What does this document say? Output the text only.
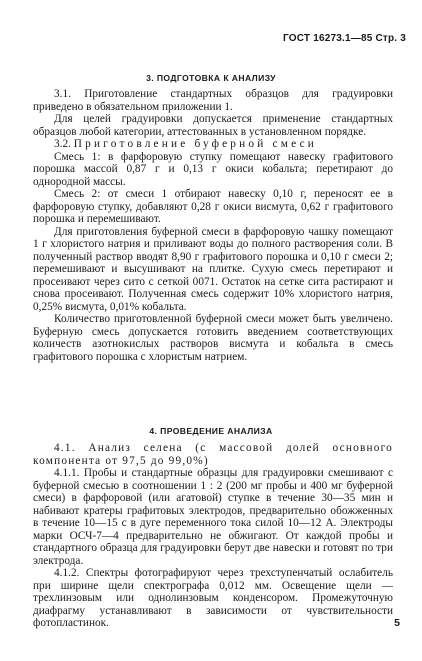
ГОСТ 16273.1—85 Стр. 3
3. ПОДГОТОВКА К АНАЛИЗУ

3.1. Приготовление стандартных образцов для градуировки приведено в обязательном приложении 1.

Для целей градуировки допускается применение стандартных образцов любой категории, аттестованных в установленном порядке.

3.2. Приготовление буферной смеси

Смесь 1: в фарфоровую ступку помещают навеску графитового порошка массой 0,87 г и 0,13 г окиси кобальта; перетирают до однородной массы.

Смесь 2: от смеси 1 отбирают навеску 0,10 г, переносят ее в фарфоровую ступку, добавляют 0,28 г окиси висмута, 0,62 г графитового порошка и перемешивают.

Для приготовления буферной смеси в фарфоровую чашку помещают 1 г хлористого натрия и приливают воды до полного растворения соли. В полученный раствор вводят 8,90 г графитового порошка и 0,10 г смеси 2; перемешивают и высушивают на плитке. Сухую смесь перетирают и просеивают через сито с сеткой 0071. Остаток на сетке сита растирают и снова просеивают. Полученная смесь содержит 10% хлористого натрия, 0,25% висмута, 0,01% кобальта.

Количество приготовленной буферной смеси может быть увеличено. Буферную смесь допускается готовить введением соответствующих количеств азотнокислых растворов висмута и кобальта в смесь графитового порошка с хлористым натрием.

4. ПРОВЕДЕНИЕ АНАЛИЗА

4.1. Анализ селена (с массовой долей основного компонента от 97,5 до 99,0%)

4.1.1. Пробы и стандартные образцы для градуировки смешивают с буферной смесью в соотношении 1 : 2 (200 мг пробы и 400 мг буферной смеси) в фарфоровой (или агатовой) ступке в течение 30—35 мин и набивают кратеры графитовых электродов, предварительно обожженных в течение 10—15 с в дуге переменного тока силой 10—12 А. Электроды марки ОСЧ-7—4 предварительно не обжигают. От каждой пробы и стандартного образца для градуировки берут две навески и готовят по три электрода.

4.1.2. Спектры фотографируют через трехступенчатый ослабитель при ширине щели спектрографа 0,012 мм. Освещение щели — трехлинзовым или однолинзовым конденсором. Промежуточную диафрагму устанавливают в зависимости от чувствительности фотопластинок.	5
